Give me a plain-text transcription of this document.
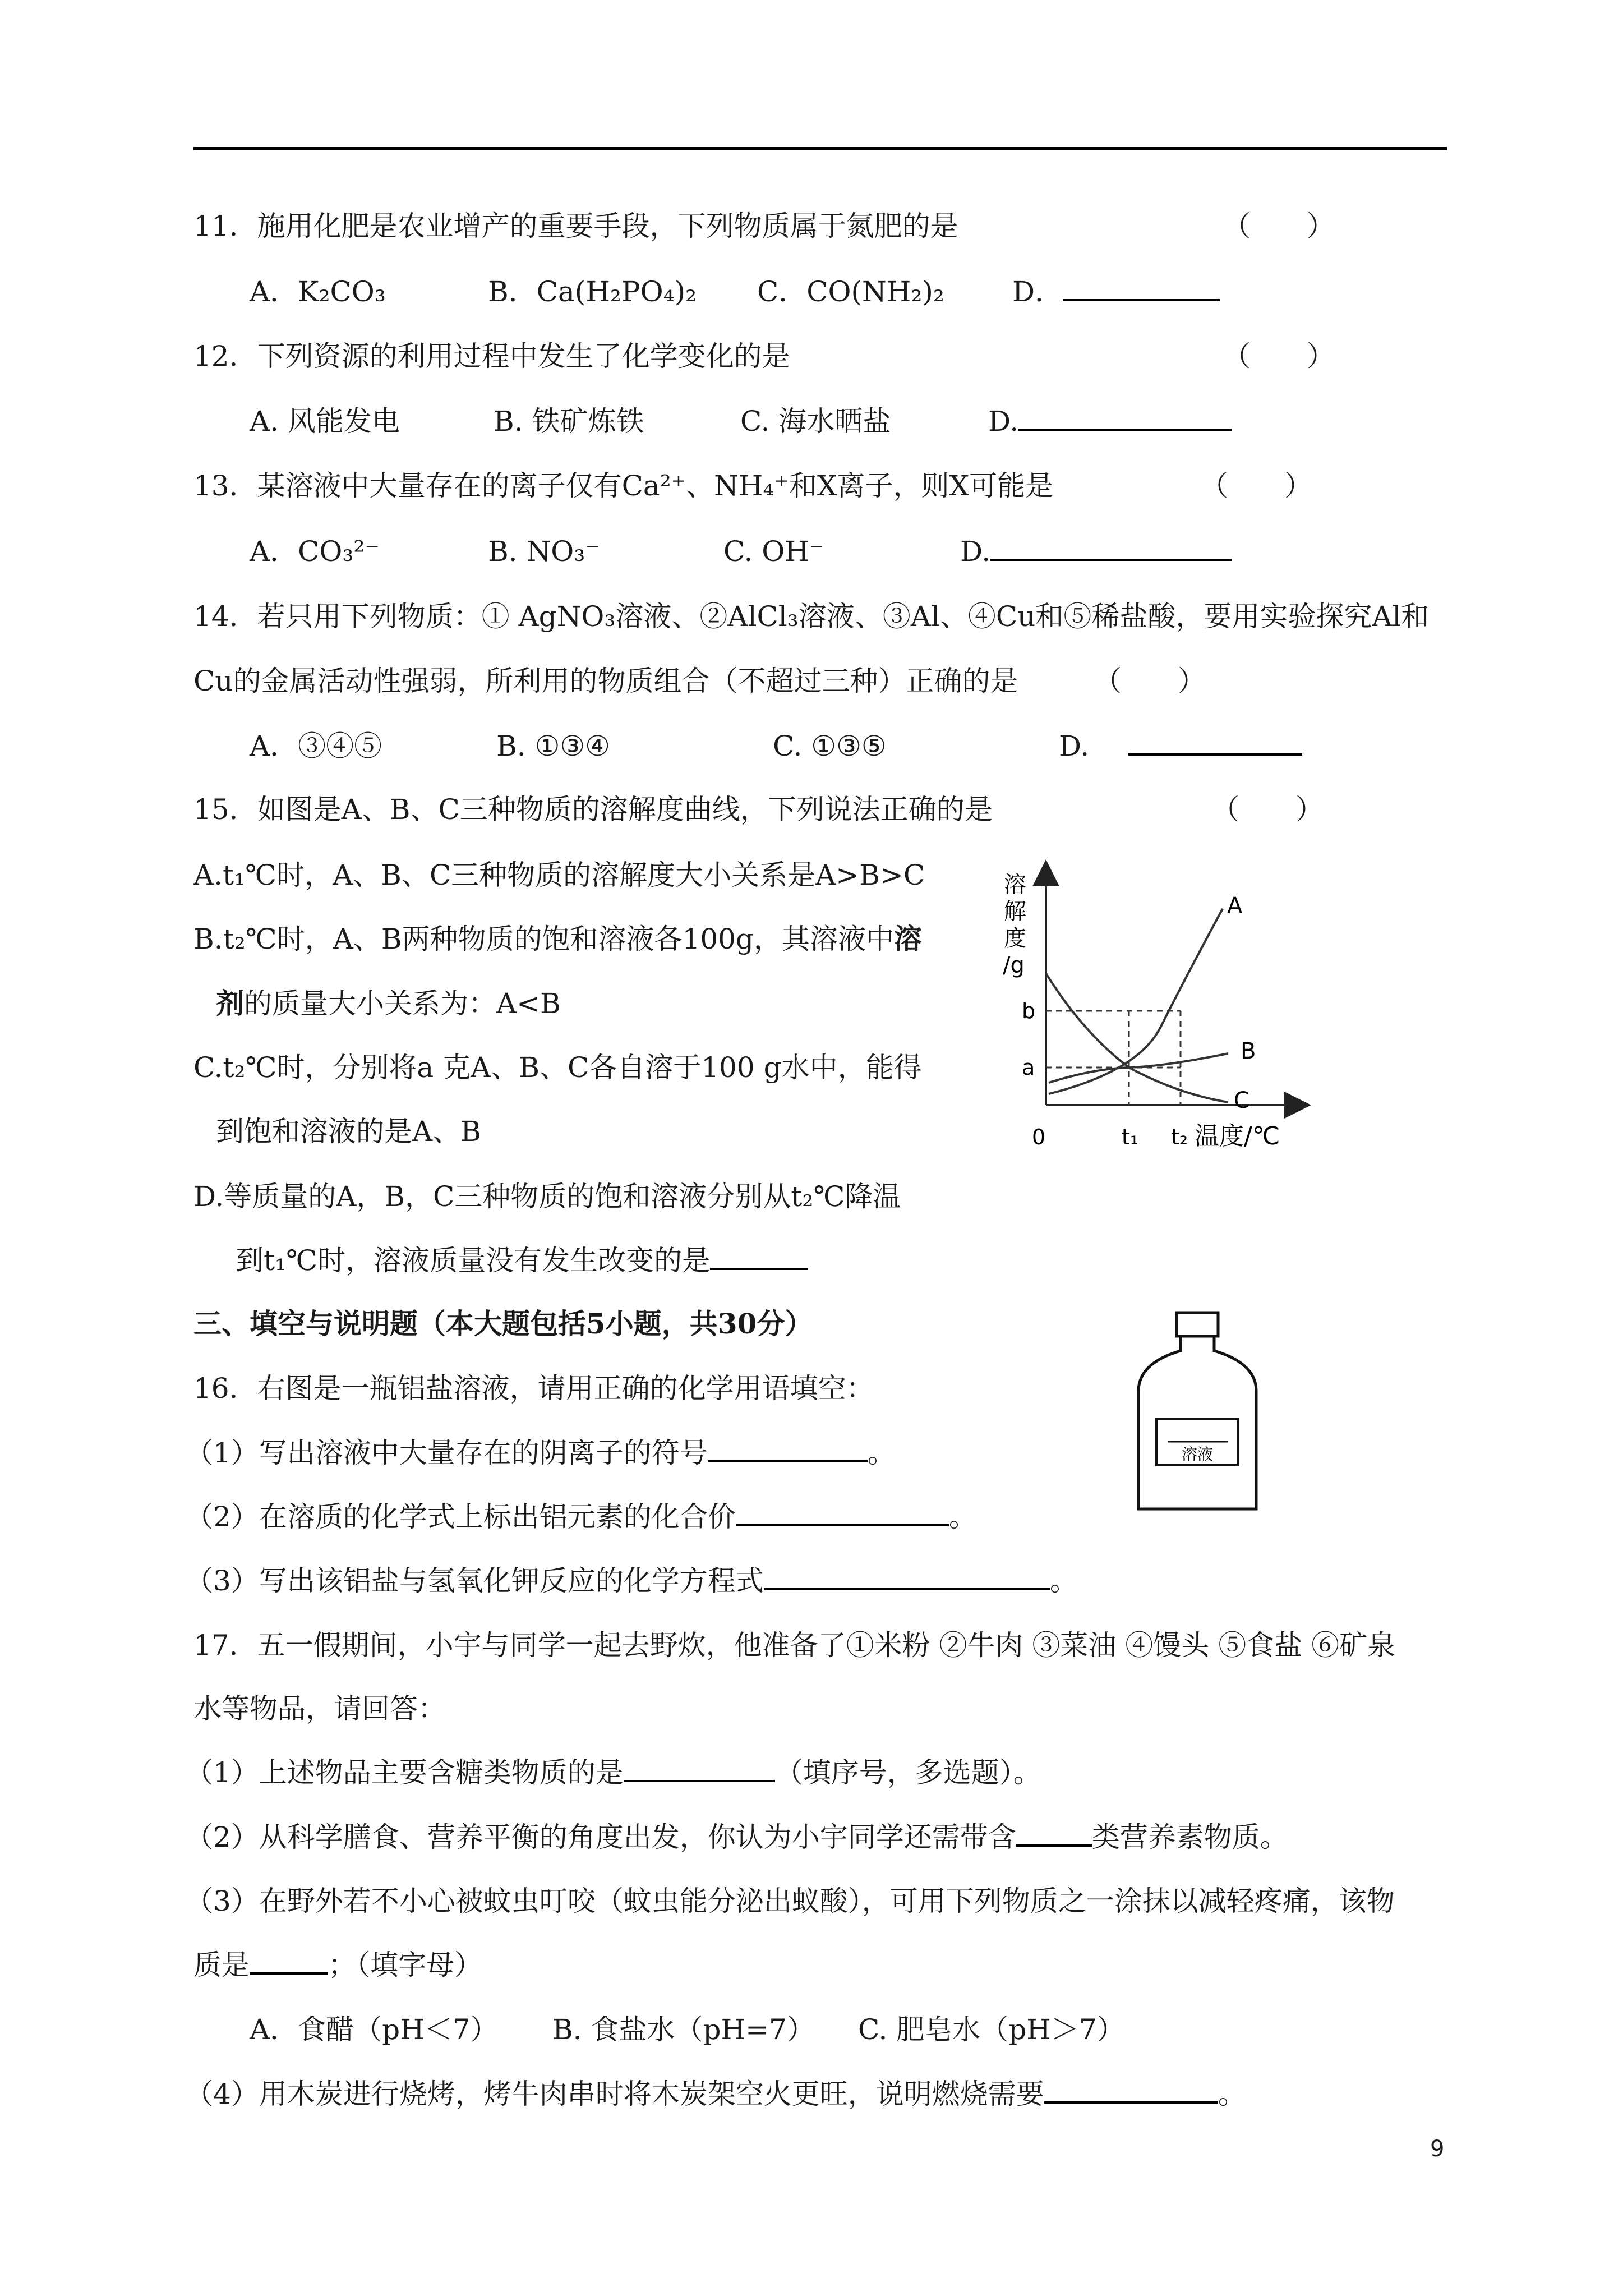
11．施用化肥是农业增产的重要手段，下列物质属于氮肥的是	（　　）
A．K₂CO₃	B．Ca(H₂PO₄)₂ C．CO(NH₂)₂ D．
12．下列资源的利用过程中发生了化学变化的是	（　　）
A. 风能发电	B. 铁矿炼铁	C. 海水晒盐	D.
13．某溶液中大量存在的离子仅有Ca²⁺、NH₄⁺和X离子，则X可能是	（　　）
A．CO₃²⁻	B. NO₃⁻	C. OH⁻	D.
14．若只用下列物质：① AgNO₃溶液、②AlCl₃溶液、③Al、④Cu和⑤稀盐酸，要用实验探究Al和
Cu的金属活动性强弱，所利用的物质组合（不超过三种）正确的是	（　　）
A．③④⑤	B. ①③④	C. ①③⑤	D.
15．如图是A、B、C三种物质的溶解度曲线，下列说法正确的是	（　　）
A.t₁℃时，A、B、C三种物质的溶解度大小关系是A>B>C
B.t₂℃时，A、B两种物质的饱和溶液各100g，其溶液中溶
剂的质量大小关系为：A<B
C.t₂℃时，分别将a 克A、B、C各自溶于100 g水中，能得
到饱和溶液的是A、B
D.等质量的A，B，C三种物质的饱和溶液分别从t₂℃降温
到t₁℃时，溶液质量没有发生改变的是
溶
解
度
/g
A
B
C
b
a
0	t₁ t₂ 温度/℃
三、填空与说明题（本大题包括5小题，共30分）
16．右图是一瓶铝盐溶液，请用正确的化学用语填空：
（1）写出溶液中大量存在的阴离子的符号	。
（2）在溶质的化学式上标出铝元素的化合价	。
（3）写出该铝盐与氢氧化钾反应的化学方程式	。
溶液
17．五一假期间，小宇与同学一起去野炊，他准备了①米粉 ②牛肉 ③菜油 ④馒头 ⑤食盐 ⑥矿泉
水等物品，请回答：
（1）上述物品主要含糖类物质的是	（填序号，多选题）。
（2）从科学膳食、营养平衡的角度出发，你认为小宇同学还需带含	类营养素物质。
（3）在野外若不小心被蚊虫叮咬（蚊虫能分泌出蚁酸），可用下列物质之一涂抹以减轻疼痛，该物
质是	；（填字母）
A．食醋（pH＜7） B. 食盐水（pH=7） C. 肥皂水（pH＞7）
（4）用木炭进行烧烤，烤牛肉串时将木炭架空火更旺，说明燃烧需要	。
9
